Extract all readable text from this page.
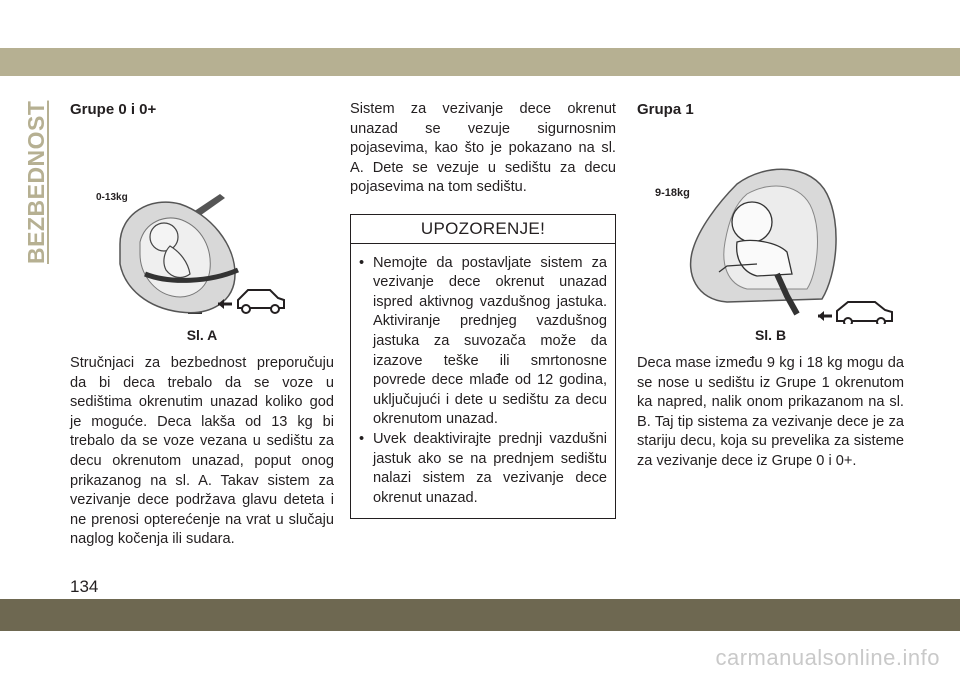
BEZBEDNOST Grupe 0 i 0+
0-13kg
Sl. A

Stručnjaci za bezbednost preporučuju da bi deca trebalo da se voze u sedištima okrenutim unazad koliko god je moguće. Deca lakša od 13 kg bi trebalo da se voze vezana u sedištu za decu okrenutom unazad, poput onog prikazanog na sl. A. Takav sistem za vezivanje dece podržava glavu deteta i ne prenosi opterećenje na vrat u slučaju naglog kočenja ili sudara.

Sistem za vezivanje dece okrenut unazad se vezuje sigurnosnim pojasevima, kao što je pokazano na sl. A. Dete se vezuje u sedištu za decu pojasevima na tom sedištu.

UPOZORENJE!
• Nemojte da postavljate sistem za vezivanje dece okrenut unazad ispred aktivnog vazdušnog jastuka. Aktiviranje prednjeg vazdušnog jastuka za suvozača može da izazove teške ili smrtonosne povrede dece mlađe od 12 godina, uključujući i dete u sedištu za decu okrenutom unazad.
• Uvek deaktivirajte prednji vazdušni jastuk ako se na prednjem sedištu nalazi sistem za vezivanje dece okrenut unazad.
Grupa 1
9-18kg
Sl. B

Deca mase između 9 kg i 18 kg mogu da se nose u sedištu iz Grupe 1 okrenutom ka napred, nalik onom prikazanom na sl. B. Taj tip sistema za vezivanje dece je za stariju decu, koja su prevelika za sisteme za vezivanje dece iz Grupe 0 i 0+.

134
carmanualsonline.info
